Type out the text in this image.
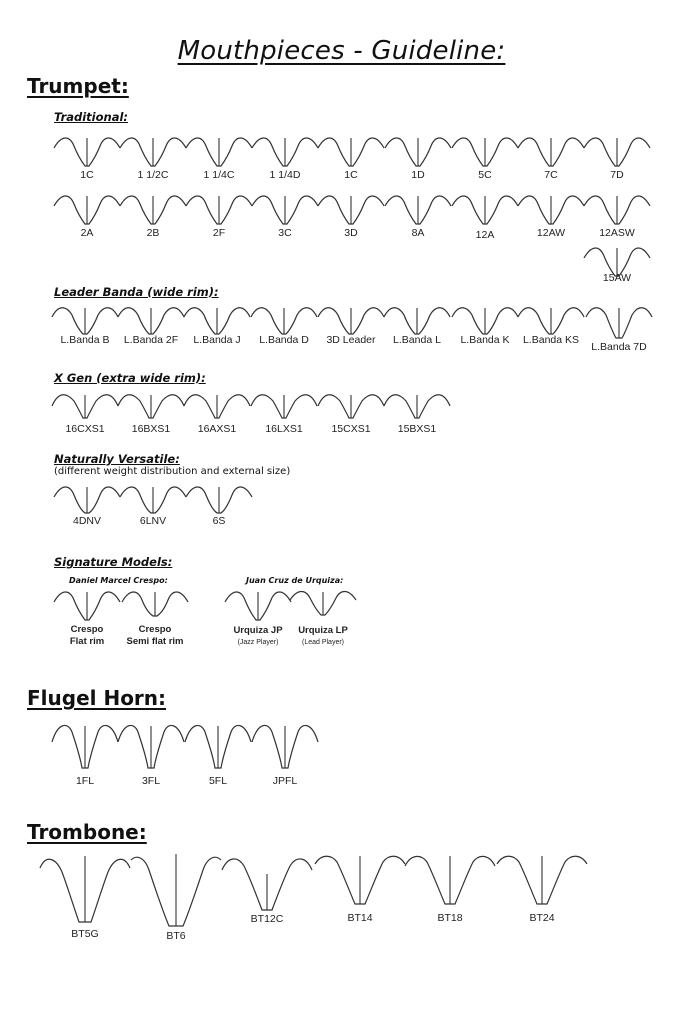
Mouthpieces - Guideline:
Trumpet:
Traditional:
1C	1 1/2C	1 1/4C	1 1/4D	1C	1D	5C	7C	7D
2A	2B	2F	3C	3D	8A	12A	12AW	12ASW
15AW
Leader Banda (wide rim):
L.Banda B	L.Banda 2F	L.Banda J	L.Banda D	3D Leader	L.Banda L	L.Banda K	L.Banda KS
L.Banda 7D
X Gen (extra wide rim):
16CXS1	16BXS1	16AXS1	16LXS1	15CXS1	15BXS1
Naturally Versatile:
(different weight distribution and external size)
4DNV	6LNV	6S
Signature Models:
Daniel Marcel Crespo:	Juan Cruz de Urquiza:
Crespo
Flat rim
Crespo
Semi flat rim
Urquiza JP
(Jazz Player)
Urquiza LP
(Lead Player)
Flugel Horn:
1FL	3FL	5FL	JPFL
Trombone:
BT5G	BT6
BT12C	BT14	BT18	BT24
